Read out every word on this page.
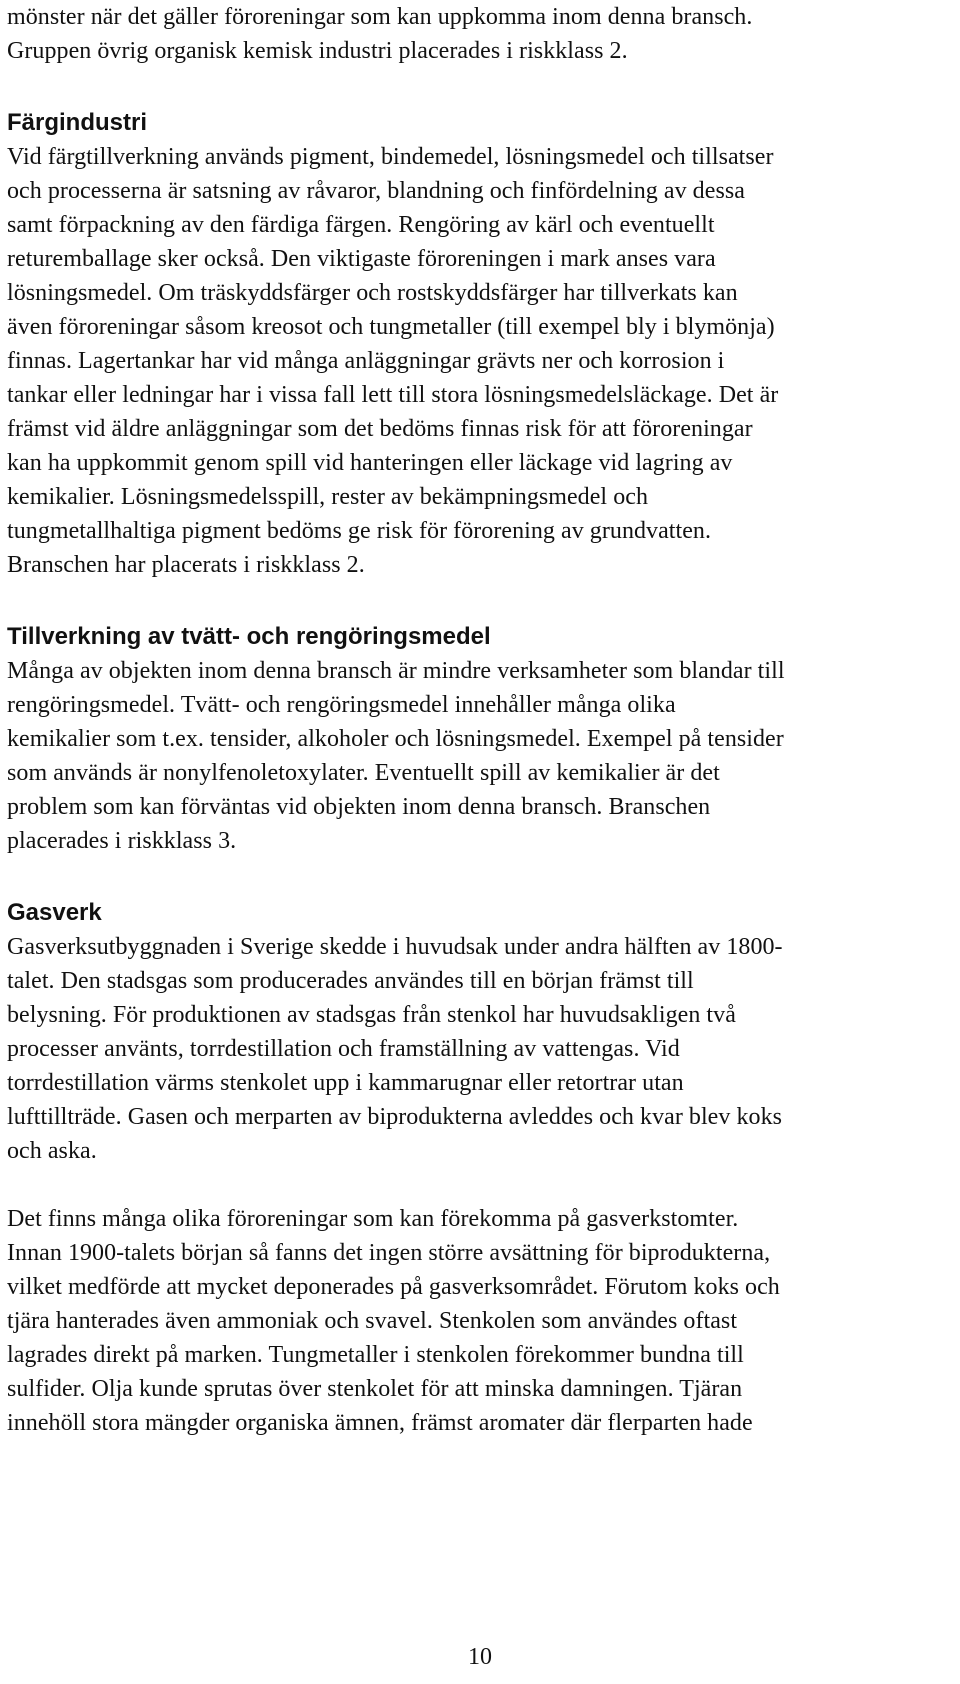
mönster när det gäller föroreningar som kan uppkomma inom denna bransch.
Gruppen övrig organisk kemisk industri placerades i riskklass 2.
Färgindustri
Vid färgtillverkning används pigment, bindemedel, lösningsmedel och tillsatser
och processerna är satsning av råvaror, blandning och finfördelning av dessa
samt förpackning av den färdiga färgen. Rengöring av kärl och eventuellt
returemballage sker också. Den viktigaste föroreningen i mark anses vara
lösningsmedel. Om träskyddsfärger och rostskyddsfärger har tillverkats kan
även föroreningar såsom kreosot och tungmetaller (till exempel bly i blymönja)
finnas. Lagertankar har vid många anläggningar grävts ner och korrosion i
tankar eller ledningar har i vissa fall lett till stora lösningsmedelsläckage. Det är
främst vid äldre anläggningar som det bedöms finnas risk för att föroreningar
kan ha uppkommit genom spill vid hanteringen eller läckage vid lagring av
kemikalier. Lösningsmedelsspill, rester av bekämpningsmedel och
tungmetallhaltiga pigment bedöms ge risk för förorening av grundvatten.
Branschen har placerats i riskklass 2.
Tillverkning av tvätt- och rengöringsmedel
Många av objekten inom denna bransch är mindre verksamheter som blandar till
rengöringsmedel. Tvätt- och rengöringsmedel innehåller många olika
kemikalier som t.ex. tensider, alkoholer och lösningsmedel. Exempel på tensider
som används är nonylfenoletoxylater. Eventuellt spill av kemikalier är det
problem som kan förväntas vid objekten inom denna bransch. Branschen
placerades i riskklass 3.
Gasverk
Gasverksutbyggnaden i Sverige skedde i huvudsak under andra hälften av 1800-
talet. Den stadsgas som producerades användes till en början främst till
belysning. För produktionen av stadsgas från stenkol har huvudsakligen två
processer använts, torrdestillation och framställning av vattengas. Vid
torrdestillation värms stenkolet upp i kammarugnar eller retortrar utan
lufttillträde. Gasen och merparten av biprodukterna avleddes och kvar blev koks
och aska.
Det finns många olika föroreningar som kan förekomma på gasverkstomter.
Innan 1900-talets början så fanns det ingen större avsättning för biprodukterna,
vilket medförde att mycket deponerades på gasverksområdet. Förutom koks och
tjära hanterades även ammoniak och svavel. Stenkolen som användes oftast
lagrades direkt på marken. Tungmetaller i stenkolen förekommer bundna till
sulfider. Olja kunde sprutas över stenkolet för att minska damningen. Tjäran
innehöll stora mängder organiska ämnen, främst aromater där flerparten hade
10
